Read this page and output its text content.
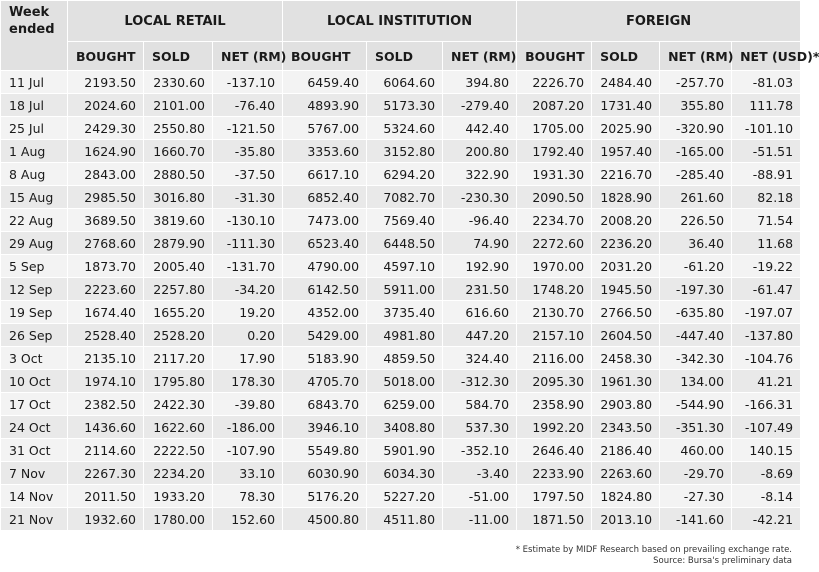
Week
ended	LOCAL RETAIL			LOCAL INSTITUTION			FOREIGN			
	BOUGHT	SOLD	NET (RM)	BOUGHT	SOLD	NET (RM)	BOUGHT	SOLD	NET (RM)	NET (USD)*
11 Jul	2193.50	2330.60	-137.10	6459.40	6064.60	394.80	2226.70	2484.40	-257.70	-81.03
18 Jul	2024.60	2101.00	-76.40	4893.90	5173.30	-279.40	2087.20	1731.40	355.80	111.78
25 Jul	2429.30	2550.80	-121.50	5767.00	5324.60	442.40	1705.00	2025.90	-320.90	-101.10
1 Aug	1624.90	1660.70	-35.80	3353.60	3152.80	200.80	1792.40	1957.40	-165.00	-51.51
8 Aug	2843.00	2880.50	-37.50	6617.10	6294.20	322.90	1931.30	2216.70	-285.40	-88.91
15 Aug	2985.50	3016.80	-31.30	6852.40	7082.70	-230.30	2090.50	1828.90	261.60	82.18
22 Aug	3689.50	3819.60	-130.10	7473.00	7569.40	-96.40	2234.70	2008.20	226.50	71.54
29 Aug	2768.60	2879.90	-111.30	6523.40	6448.50	74.90	2272.60	2236.20	36.40	11.68
5 Sep	1873.70	2005.40	-131.70	4790.00	4597.10	192.90	1970.00	2031.20	-61.20	-19.22
12 Sep	2223.60	2257.80	-34.20	6142.50	5911.00	231.50	1748.20	1945.50	-197.30	-61.47
19 Sep	1674.40	1655.20	19.20	4352.00	3735.40	616.60	2130.70	2766.50	-635.80	-197.07
26 Sep	2528.40	2528.20	0.20	5429.00	4981.80	447.20	2157.10	2604.50	-447.40	-137.80
3 Oct	2135.10	2117.20	17.90	5183.90	4859.50	324.40	2116.00	2458.30	-342.30	-104.76
10 Oct	1974.10	1795.80	178.30	4705.70	5018.00	-312.30	2095.30	1961.30	134.00	41.21
17 Oct	2382.50	2422.30	-39.80	6843.70	6259.00	584.70	2358.90	2903.80	-544.90	-166.31
24 Oct	1436.60	1622.60	-186.00	3946.10	3408.80	537.30	1992.20	2343.50	-351.30	-107.49
31 Oct	2114.60	2222.50	-107.90	5549.80	5901.90	-352.10	2646.40	2186.40	460.00	140.15
7 Nov	2267.30	2234.20	33.10	6030.90	6034.30	-3.40	2233.90	2263.60	-29.70	-8.69
14 Nov	2011.50	1933.20	78.30	5176.20	5227.20	-51.00	1797.50	1824.80	-27.30	-8.14
21 Nov	1932.60	1780.00	152.60	4500.80	4511.80	-11.00	1871.50	2013.10	-141.60	-42.21
* Estimate by MIDF Research based on prevailing exchange rate.
Source: Bursa's preliminary data
